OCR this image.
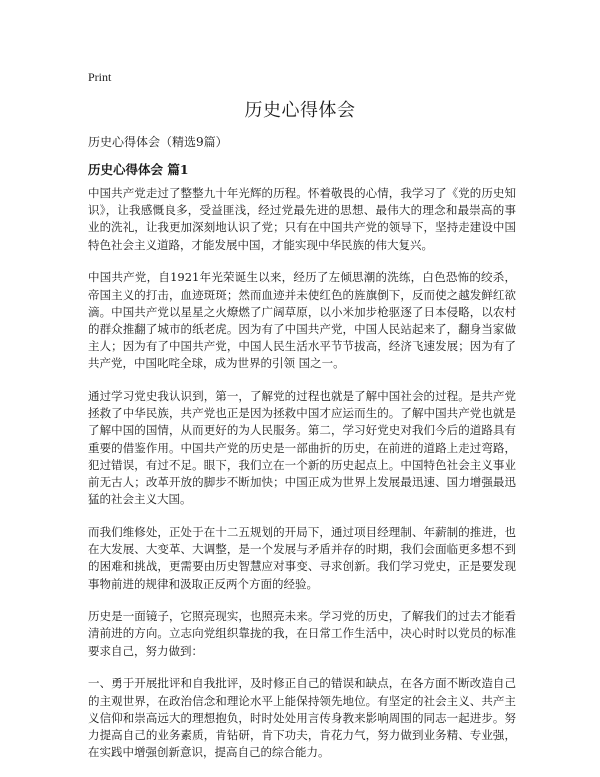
Print
历史心得体会

历史心得体会（精选9篇）

历史心得体会 篇1

中国共产党走过了整整九十年光辉的历程。怀着敬畏的心情，我学习了《党的历史知识》，让我感慨良多，受益匪浅，经过党最先进的思想、最伟大的理念和最崇高的事业的洗礼，让我更加深刻地认识了党；只有在中国共产党的领导下，坚持走建设中国特色社会主义道路，才能发展中国，才能实现中华民族的伟大复兴。

中国共产党，自1921年光荣诞生以来，经历了左倾思潮的洗练，白色恐怖的绞杀，帝国主义的打击，血迹斑斑；然而血迹并未使红色的旌旗倒下，反而使之越发鲜红欲滴。中国共产党以星星之火燎燃了广阔草原，以小米加步枪驱逐了日本侵略，以农村的群众推翻了城市的纸老虎。因为有了中国共产党，中国人民站起来了，翻身当家做主人；因为有了中国共产党，中国人民生活水平节节拔高，经济飞速发展；因为有了共产党，中国叱咤全球，成为世界的引领 国之一。

通过学习党史我认识到，第一，了解党的过程也就是了解中国社会的过程。是共产党拯救了中华民族，共产党也正是因为拯救中国才应运而生的。了解中国共产党也就是了解中国的国情，从而更好的为人民服务。第二，学习好党史对我们今后的道路具有重要的借鉴作用。中国共产党的历史是一部曲折的历史，在前进的道路上走过弯路，犯过错误，有过不足。眼下，我们立在一个新的历史起点上。中国特色社会主义事业前无古人；改革开放的脚步不断加快；中国正成为世界上发展最迅速、国力增强最迅猛的社会主义大国。

而我们维修处，正处于在十二五规划的开局下，通过项目经理制、年薪制的推进，也在大发展、大变革、大调整，是一个发展与矛盾并存的时期，我们会面临更多想不到的困难和挑战，更需要由历史智慧应对事变、寻求创新。我们学习党史，正是要发现事物前进的规律和汲取正反两个方面的经验。

历史是一面镜子，它照亮现实，也照亮未来。学习党的历史，了解我们的过去才能看清前进的方向。立志向党组织靠拢的我，在日常工作生活中，决心时时以党员的标准要求自己，努力做到：

一、勇于开展批评和自我批评，及时修正自己的错误和缺点，在各方面不断改造自己的主观世界，在政治信念和理论水平上能保持领先地位。有坚定的社会主义、共产主义信仰和崇高远大的理想抱负，时时处处用言传身教来影响周围的同志一起进步。努力提高自己的业务素质，肯钻研，肯下功夫，肯花力气，努力做到业务精、专业强，在实践中增强创新意识，提高自己的综合能力。
